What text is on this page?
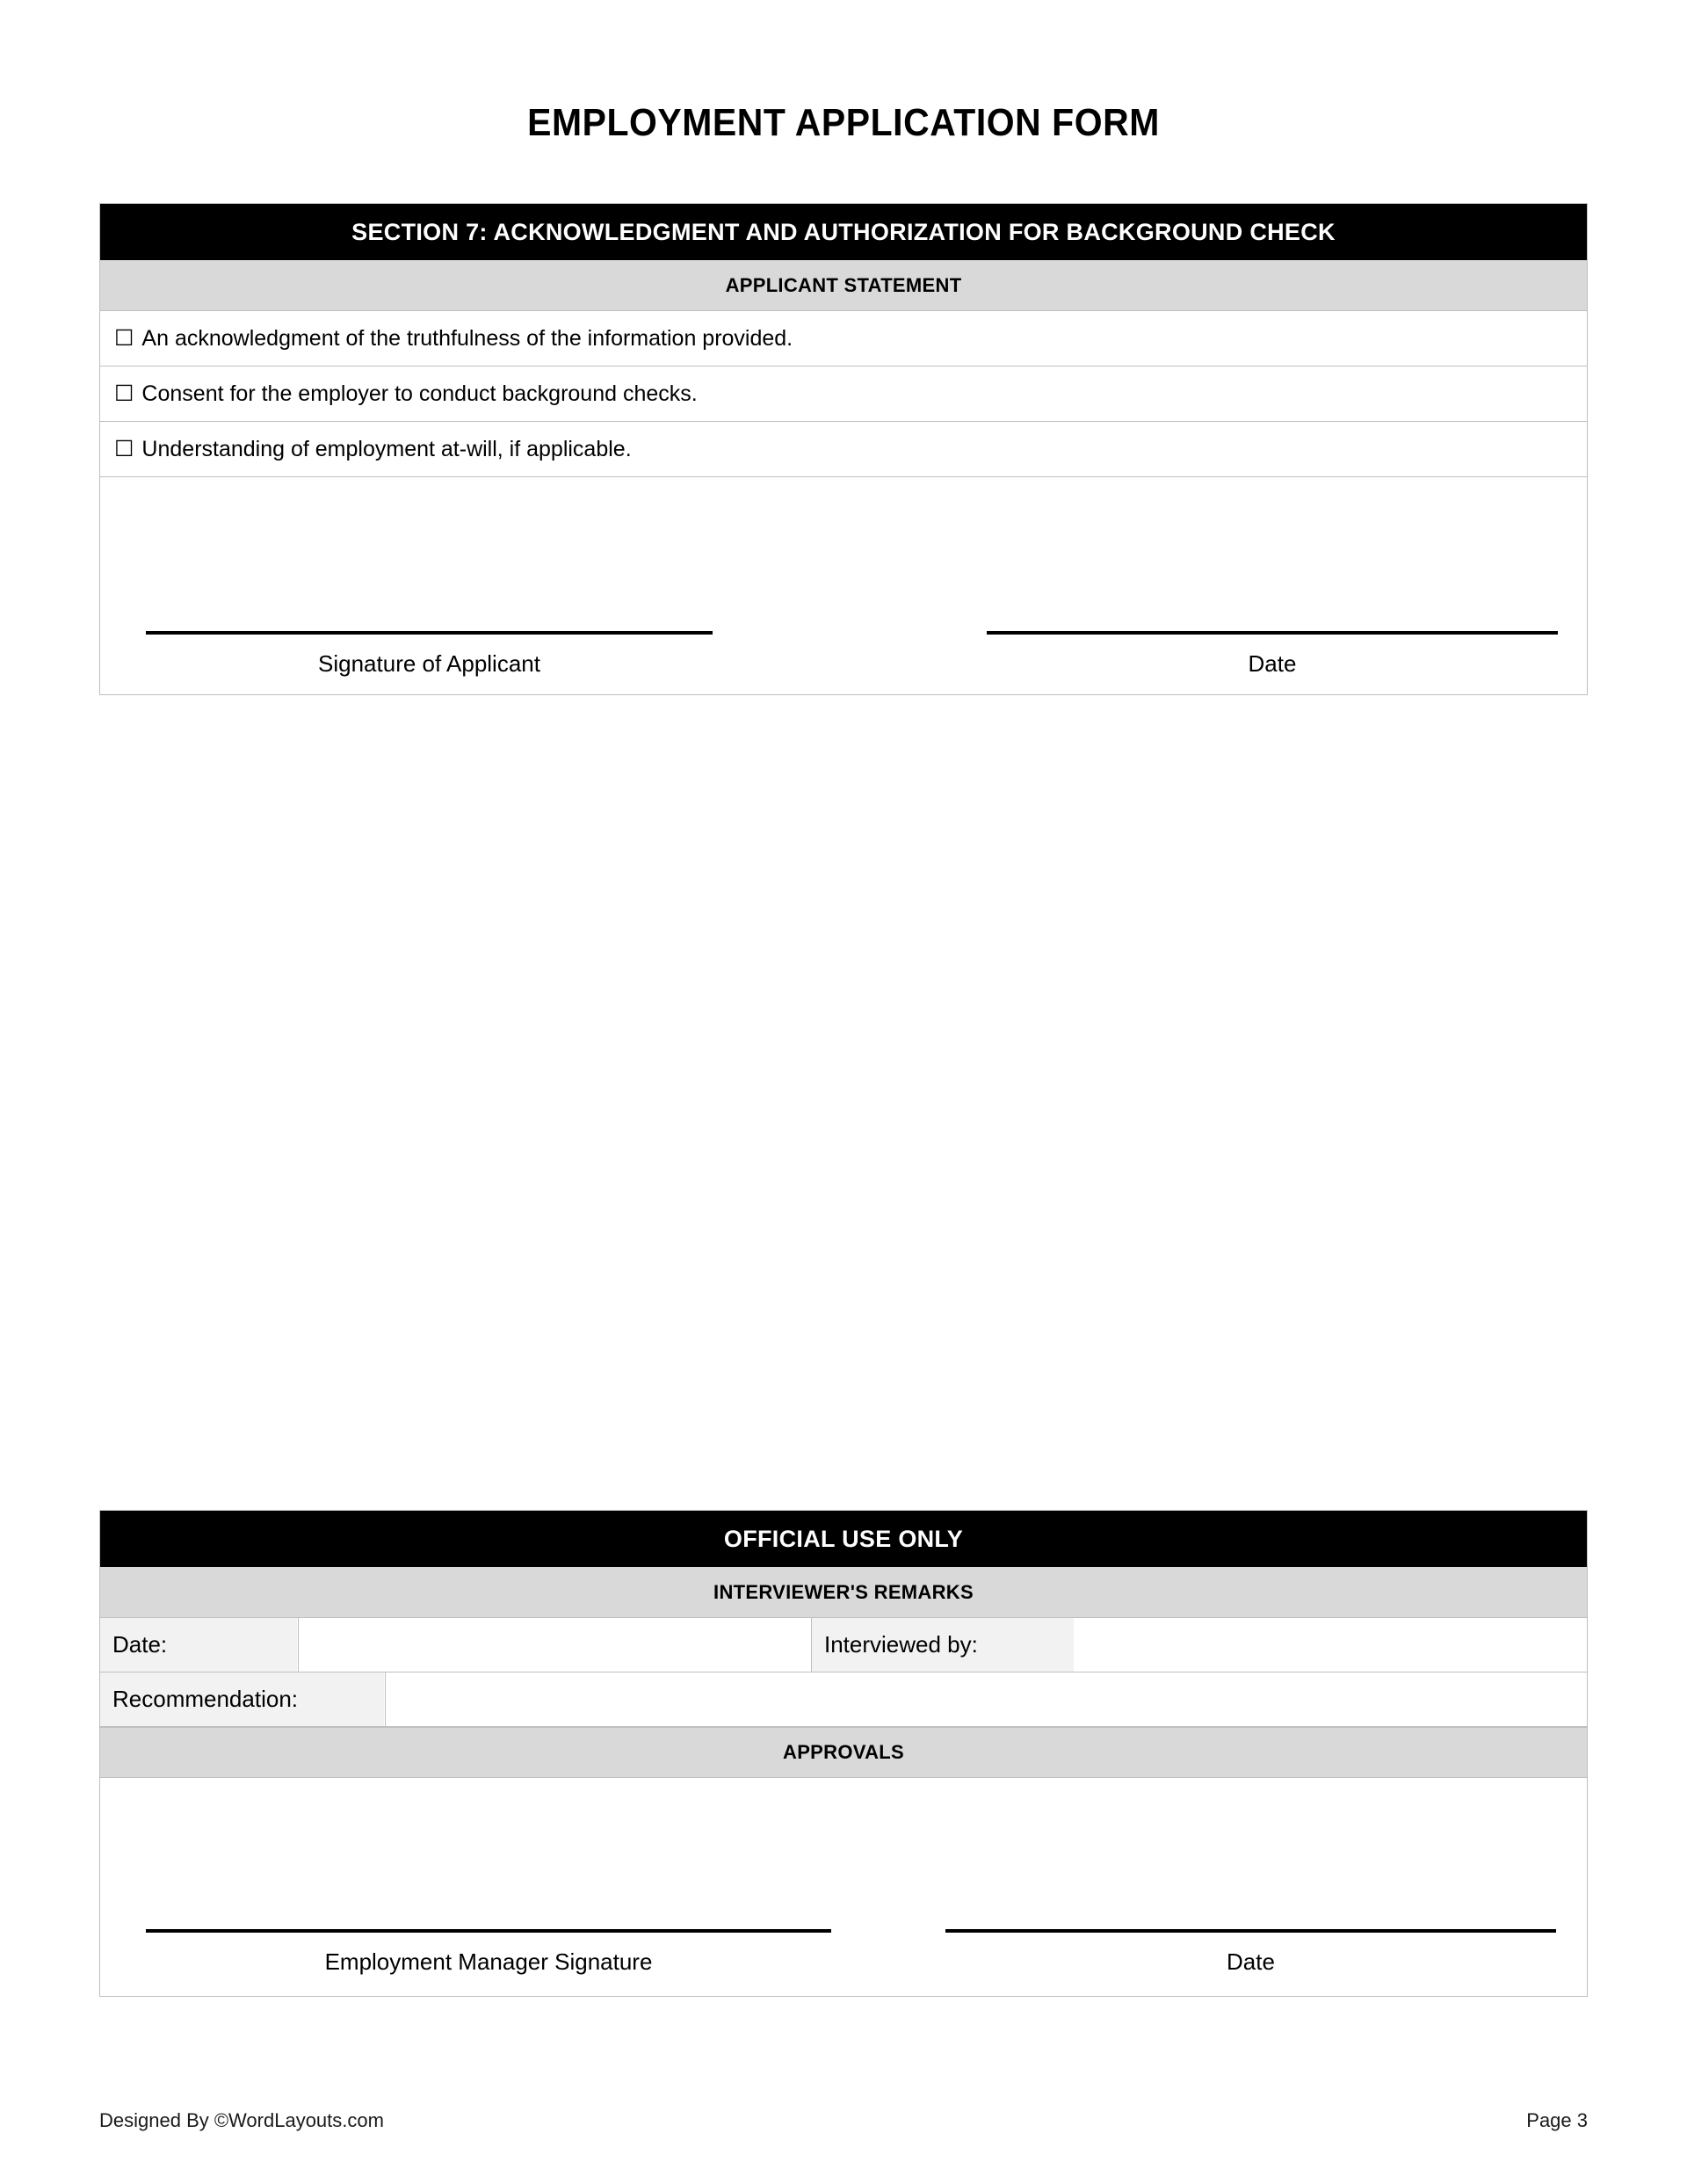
EMPLOYMENT APPLICATION FORM
SECTION 7: ACKNOWLEDGMENT AND AUTHORIZATION FOR BACKGROUND CHECK
APPLICANT STATEMENT
☐ An acknowledgment of the truthfulness of the information provided.
☐ Consent for the employer to conduct background checks.
☐ Understanding of employment at-will, if applicable.
Signature of Applicant	Date
OFFICIAL USE ONLY
INTERVIEWER'S REMARKS
Date:	Interviewed by:
Recommendation:
APPROVALS
Employment Manager Signature	Date
Designed By ©WordLayouts.com	Page 3
